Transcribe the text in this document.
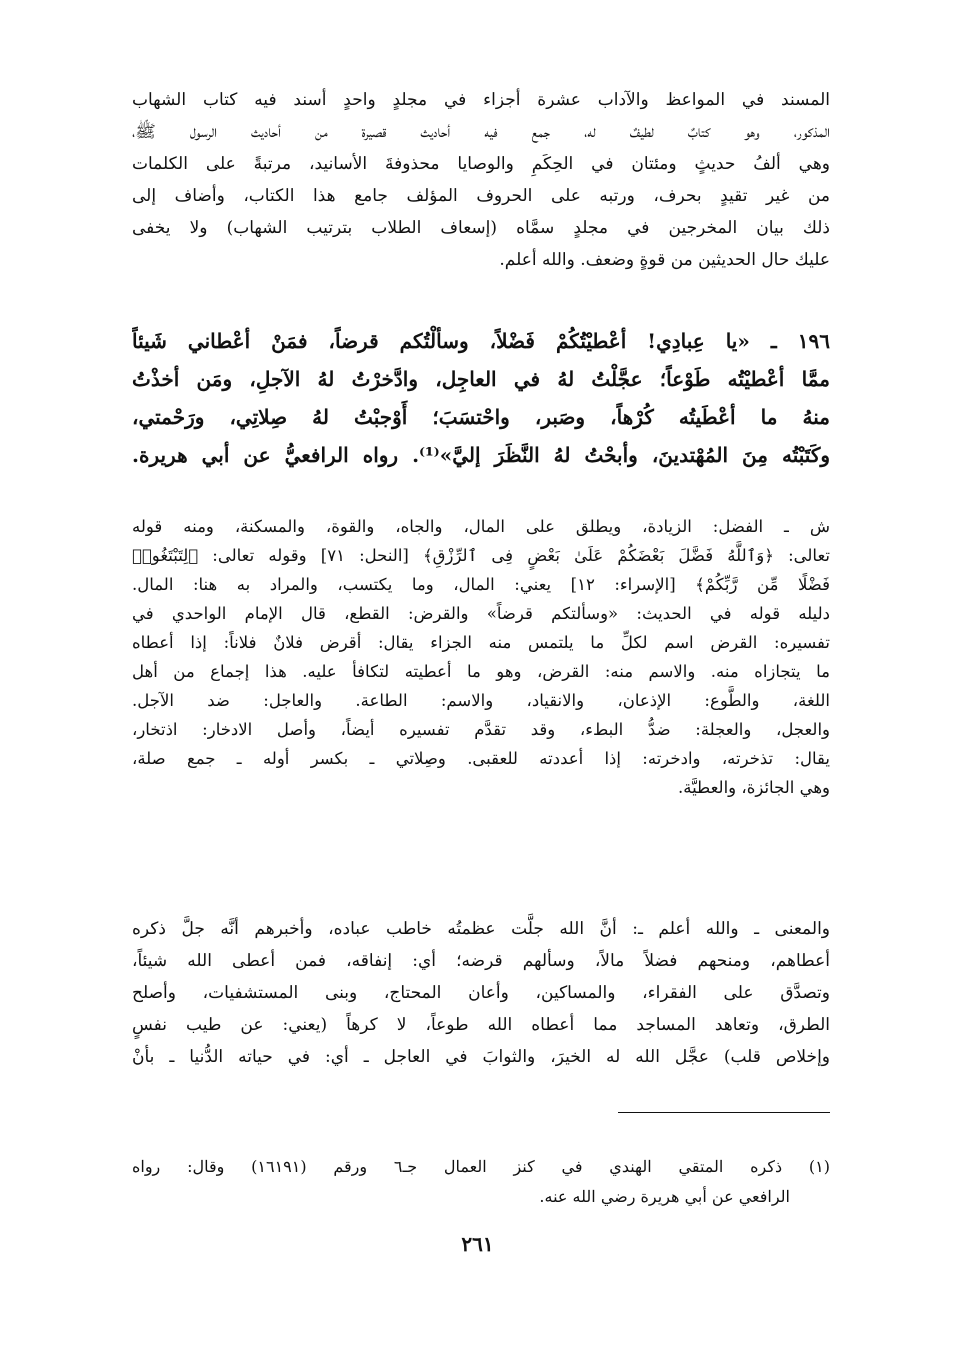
المسند في المواعظ والآداب عشرة أجزاء في مجلدٍ واحدٍ أسند فيه كتاب الشهاب
المذكور، وهو كتابٌ لطيفٌ له، جمع فيه أحاديث قصيرة من أحاديث الرسول ﷺ،
وهي ألفُ حديثٍ ومئتان في الحِكَمِ والوصايا محذوفةَ الأسانيد، مرتبةً على الكلمات
من غير تقيدٍ بحرف، ورتبه على الحروف المؤلف جامع هذا الكتاب، وأضاف إلى
ذلك بيان المخرجين في مجلدٍ سمَّاه (إسعاف الطلاب بترتيب الشهاب) ولا يخفى
عليك حال الحديثين من قوةٍ وضعف. والله أعلم.
١٩٦ ـ «يا عِبادِي! أعْطيْتُكُمْ فَضْلاً، وسألْتُكم قرضاً، فمَنْ أعْطاني شَيئاً
ممَّا أعْطيْتُه طَوْعاً؛ عجَّلْتُ لهُ في العاجِل، وادَّخرْتُ لهُ الآجلِ، ومَن أخذْتُ
منهُ ما أعْطَيتُه كُرْهاً، وصَبر، واحْتسَبَ؛ أَوْجبْتُ لهُ صِلاتِي، ورَحْمتي،
وكَتَبْتُه مِنَ المُهْتدينَ، وأبحْتُ لهُ النَّظَرَ إليَّ»⁽¹⁾. رواه الرافعيُّ عن أبي هريرة.
ش ـ الفضل: الزيادة، ويطلق على المال، والجاه، والقوة، والمسكنة، ومنه قوله
تعالى: ﴿وَٱللَّهُ فَضَّلَ بَعْضَكُمْ عَلَىٰ بَعْضٍ فِى ٱلرِّزْقِ﴾ [النحل: ٧١] وقوله تعالى: ﴿لِتَبْتَغُوا۟
فَضْلًا مِّن رَّبِّكُمْ﴾ [الإسراء: ١٢] يعني: المال، وما يكتسب، والمراد به هنا: المال.
دليله قوله في الحديث: «وسألتكم قرضاً» والقرض: القطع، قال الإمام الواحدي في
تفسيره: القرض اسم لكلِّ ما يلتمس منه الجزاء يقال: أقرض فلانٌ فلاناً: إذا أعطاه
ما يتجازاه منه. والاسم منه: القرض، وهو ما أعطيته لتكافأ عليه. هذا إجماع من أهل
اللغة، والطَّوع: الإذعان، والانقياد، والاسم: الطاعة. والعاجل: ضد الآجل.
والعجل، والعجلة: ضدُّ البطء، وقد تقدَّم تفسيره أيضاً، وأصل الادخار: اذتخار،
يقال: تذخرته، وادخرته: إذا أعددته للعقبى. وصِلاتي ـ بكسر أوله ـ جمع صلة،
وهي الجائزة، والعطيَّة.
والمعنى ـ والله أعلم ـ: أنَّ الله جلَّت عظمتُه خاطب عباده، وأخبرهم أنَّه جلَّ ذكره
أعطاهم، ومنحهم فضلاً مالاً، وسألهم قرضه؛ أي: إنفاقه، فمن أعطى الله شيئاً،
وتصدَّق على الفقراء، والمساكين، وأعان المحتاج، وبنى المستشفيات، وأصلح
الطرق، وتعاهد المساجد مما أعطاه الله طوعاً، لا كرهاً (يعني: عن طيب نفسٍ
وإخلاص قلب) عجَّل الله له الخيرَ، والثوابَ في العاجل ـ أي: في حياته الدُّنيا ـ بأنْ
(١) ذكره المتقي الهندي في كنز العمال جـ٦ ورقم (١٦١٩١) وقال: رواه
الرافعي عن أبي هريرة رضي الله عنه.
٢٦١
